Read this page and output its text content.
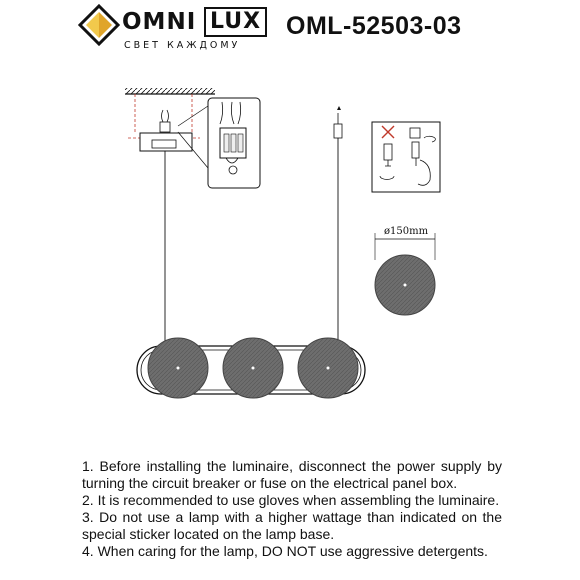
OMNI LUX
СВЕТ КАЖДОМУ
OML-52503-03
ø150mm

1. Before installing the luminaire, disconnect the power supply by turning the circuit breaker or fuse on the electrical panel box.

2. It is recommended to use gloves when assembling the luminaire.

3. Do not use a lamp with a higher wattage than indicated on the special sticker located on the lamp base.

4. When caring for the lamp, DO NOT use aggressive detergents.
